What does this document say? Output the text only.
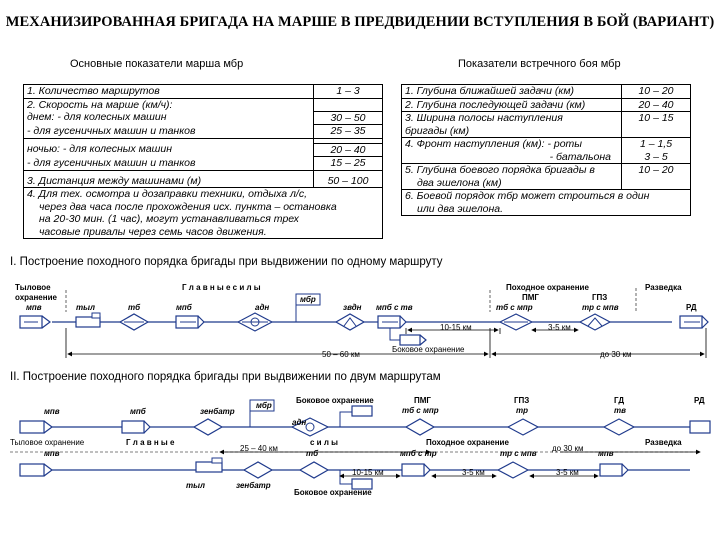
МЕХАНИЗИРОВАННАЯ БРИГАДА НА МАРШЕ В ПРЕДВИДЕНИИ ВСТУПЛЕНИЯ В БОЙ (ВАРИАНТ)
Основные показатели марша мбр	Показатели встречного боя мбр
1. Количество маршрутов	1 – 3
2. Скорость на марше (км/ч):	
днем: - для колесных машин	30 – 50
- для гусеничных машин и танков	25 – 35

ночью: - для колесных машин	20 – 40
- для гусеничных машин и танков	15 – 25

3. Дистанция между машинами (м)	50 – 100

4. Для тех. осмотра и дозаправки техники, отдыха л/с,
через два часа после прохождения исх. пункта – остановка
на 20-30 мин. (1 час), могут устанавливаться трех
часовые привалы через семь часов движения.	
1. Глубина ближайшей задачи (км)	10 – 20
2. Глубина последующей задачи (км)	20 – 40

3. Ширина полосы наступления
бригады (км)	10 – 15
4. Фронт наступления (км): - роты	1 – 1,5
- батальона	3 – 5

5. Глубина боевого порядка бригады в
два эшелона (км)	10 – 20

6. Боевой порядок тбр может строиться в один
или два эшелона.	
I. Построение походного порядка бригады при выдвижении по одному маршруту
II. Построение походного порядка бригады при выдвижении по двум маршрутам
Тыловое
охранение
мпв
Г л а в н ы е с и л ы	Походное охранение	Разведка
тыл	тб	мпб	адн
мбр
звдн мпб с тв
ПМГ
тб с мпр
ГПЗ
тр с мпв	РД
10-15 км	3-5 км
Боковое охранение
50 – 60 км	до 30 км
мпв	мпб	зенбатр
мбр
адн
Боковое охранение	ПМГ
тб с мпр
ГПЗ
тр
ГД
тв
РД
Тыловое охранение	Г л а в н ы е
25 – 40 км
с и л ы	Походное охранение
до 30 км
Разведка
мпв	тб	мпб с тр	тр с мпв	мпв
10-15 км	3-5 км	3-5 км
тыл	зенбатр
Боковое охранение
